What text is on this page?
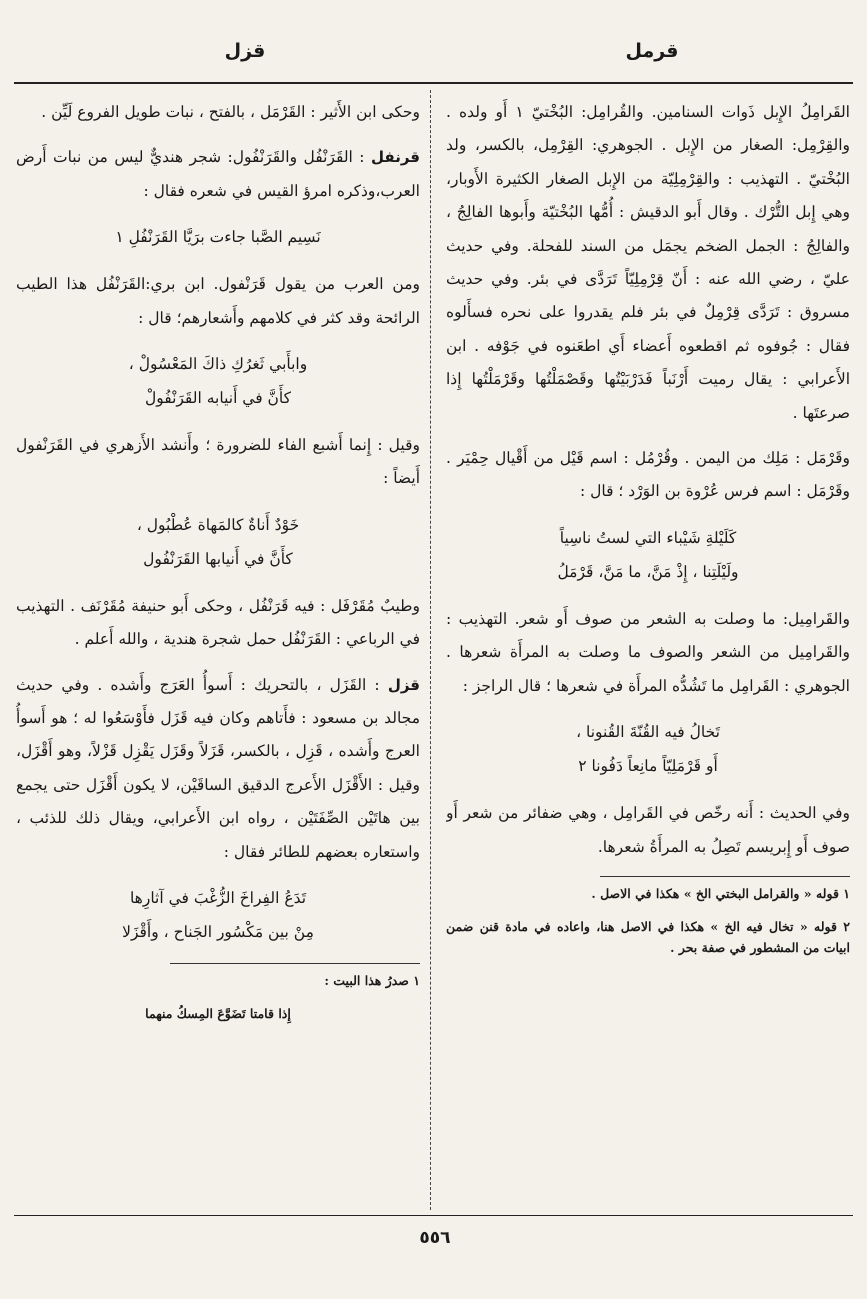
قرمل
قزل

القَرامِلُ الإِبل ذَوات السنامين. والقُرامِل: البُخْتيّ ١ أَو ولده . والقِرْمِل: الصغار من الإِبل . الجوهري: القِرْمِل، بالكسر، ولد البُخْتيّ . التهذيب : والقِرْمِلِيّة من الإِبل الصغار الكثيرة الأَوبار، وهي إِبل التُّرْك . وقال أَبو الدقيش : أُمُّها البُخْتيّة وأَبوها الفالِجُ ، والفالِجُ : الجمل الضخم يجمَل من السند للفحلة. وفي حديث عليّ ، رضي الله عنه : أَنّ قِرْمِلِيّاً تَرَدَّى في بئر. وفي حديث مسروق : تَرَدَّى قِرْمِلٌ في بئر فلم يقدروا على نحره فسأَلوه فقال : جُوفوه ثم اقطعوه أَعضاء أَي اطعَنوه في جَوْفه . ابن الأَعرابي : يقال رميت أَرْنَباً فَدَرْبَيْتُها وقَصْمَلْتُها وقَرْمَلْتُها إِذا صرعتَها .

وقَرْمَل : مَلِك من اليمن . وقُرْمُل : اسم قَيْل من أَقْيال حِمْيَر . وقَرْمَل : اسم فرس عُرْوة بن الوَرْد ؛ قال :

كَلَيْلةِ شَيْباء التي لستُ ناسِياً
ولَيْلَتِنا ، إِذْ مَنَّ، ما مَنَّ، قَرْمَلُ

والقَرامِيل: ما وصلت به الشعر من صوف أَو شعر. التهذيب : والقَرامِيل من الشعر والصوف ما وصلت به المرأَة شعرها . الجوهري : القَرامِل ما تَشُدُّه المرأَة في شعرها ؛ قال الراجز :

تَخالُ فيه القُنّةَ القُنونا ،
أَو قَرْمَلِيّاً مانِعاً دَفُونا ٢

وفي الحديث : أَنه رخّص في القَرامِل ، وهي ضفائر من شعر أَو صوف أَو إِبريسم تَصِلُ به المرأَةُ شعرها.

١ قوله « والقرامل البختي الخ » هكذا في الاصل .

٢ قوله « تخال فيه الخ » هكذا في الاصل هنا، واعاده في مادة قنن ضمن ابيات من المشطور في صفة بحر .

وحكى ابن الأَثير : القَرْمَل ، بالفتح ، نبات طويل الفروع لَيِّن .

قرنفل : القَرَنْفُل والقَرَنْفُول: شجر هنديٌّ ليس من نبات أَرض العرب،وذكره امرؤ القيس في شعره فقال :

نَسِيم الصَّبا جاءت برَيَّا القَرَنْفُلِ ١

ومن العرب من يقول قَرَنْفول. ابن بري:القَرَنْفُل هذا الطيب الرائحة وقد كثر في كلامهم وأَشعارهم؛ قال :

وابأَبي ثَغرُكِ ذاكَ المَعْسُولْ ،
كأَنَّ في أَنيابه القَرَنْفُولْ

وقيل : إِنما أَشبع الفاء للضرورة ؛ وأَنشد الأَزهري في القَرَنْفول أَيضاً :

خَوْدٌ أَناةٌ كالمَهاة عُطْبُول ،
كأَنَّ في أَنيابها القَرَنْفُول

وطيبٌ مُقَرْفَل : فيه قَرَنْفُل ، وحكى أَبو حنيفة مُقَرْنَف . التهذيب في الرباعي : القَرَنْفُل حمل شجرة هندية ، والله أَعلم .

قزل : القَزَل ، بالتحريك : أَسوأُ العَرَج وأَشده . وفي حديث مجالد بن مسعود : فأَتاهم وكان فيه قَزَل فأَوْسَعُوا له ؛ هو أَسوأُ العرج وأَشده ، قَزِل ، بالكسر، قَزَلاً وقَزَل يَقْزِل قَزْلاً، وهو أَقْزَل، وقيل : الأَقْزَل الأَعرج الدقيق الساقَيْن، لا يكون أَقْزَل حتى يجمع بين هاتَيْن الصِّفَتَيْن ، رواه ابن الأَعرابي، ويقال ذلك للذئب ، واستعاره بعضهم للطائر فقال :

تَدَعُ الفِراخَ الزُّغْبَ في آثارِها
مِنْ بين مَكْسُور الجَناح ، وأَقْزَلا

١ صدرُ هذا البيت :

إِذا قامتا تَضَوَّعَ المِسكُ منهما

٥٥٦
